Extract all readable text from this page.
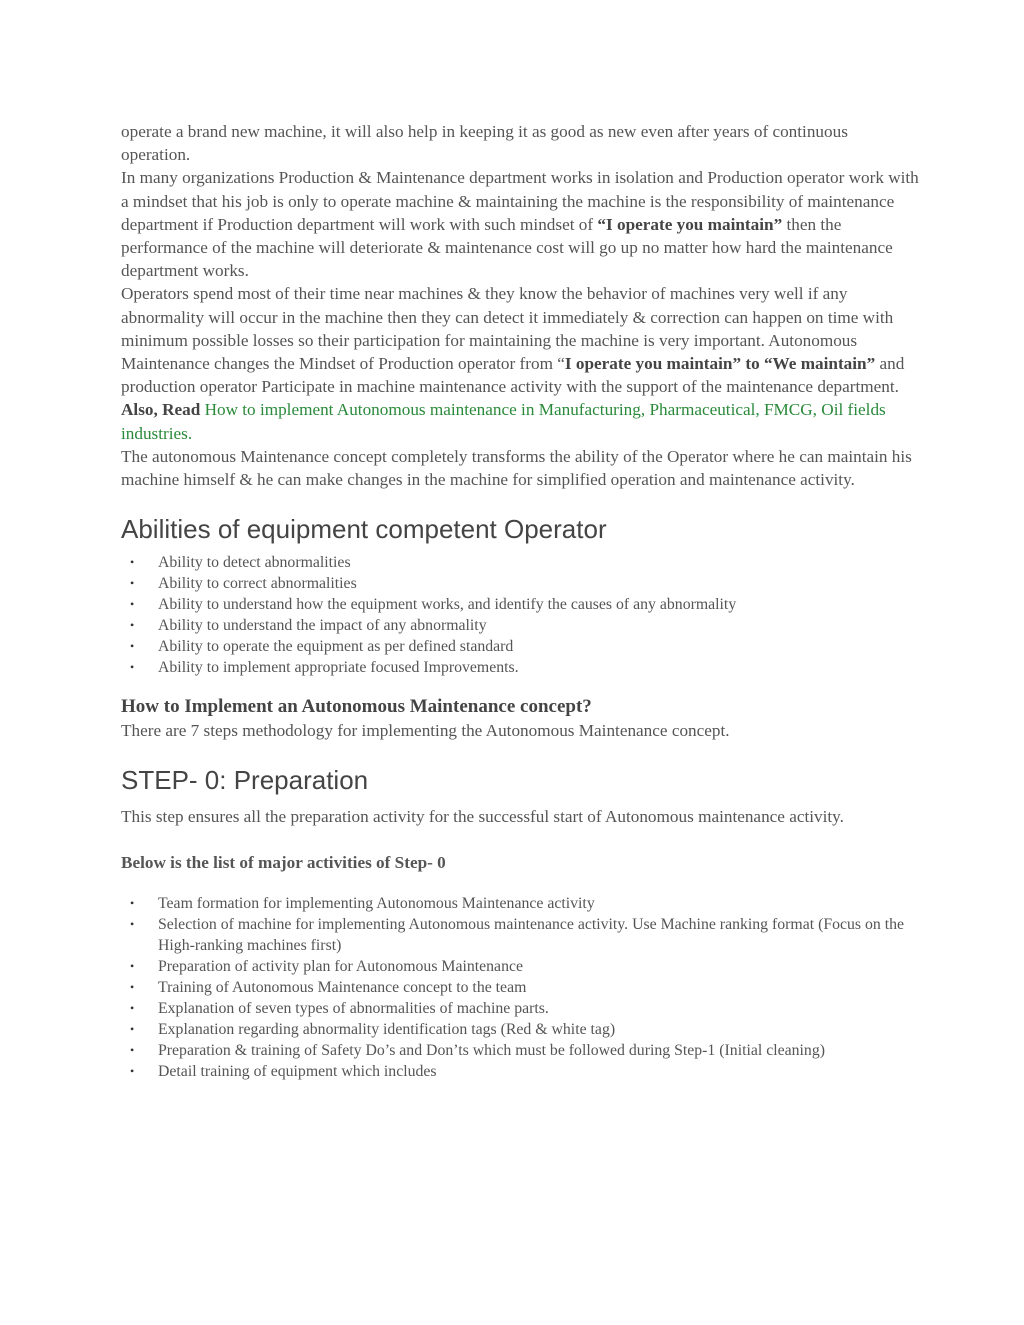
operate a brand new machine, it will also help in keeping it as good as new even after years of continuous operation.

In many organizations Production & Maintenance department works in isolation and Production operator work with a mindset that his job is only to operate machine & maintaining the machine is the responsibility of maintenance department if Production department will work with such mindset of “I operate you maintain” then the performance of the machine will deteriorate & maintenance cost will go up no matter how hard the maintenance department works.

Operators spend most of their time near machines & they know the behavior of machines very well if any abnormality will occur in the machine then they can detect it immediately & correction can happen on time with minimum possible losses so their participation for maintaining the machine is very important. Autonomous Maintenance changes the Mindset of Production operator from “I operate you maintain” to “We maintain” and production operator Participate in machine maintenance activity with the support of the maintenance department.

Also, Read How to implement Autonomous maintenance in Manufacturing, Pharmaceutical, FMCG, Oil fields industries.

The autonomous Maintenance concept completely transforms the ability of the Operator where he can maintain his machine himself & he can make changes in the machine for simplified operation and maintenance activity.

Abilities of equipment competent Operator
• Ability to detect abnormalities
• Ability to correct abnormalities
• Ability to understand how the equipment works, and identify the causes of any abnormality
• Ability to understand the impact of any abnormality
• Ability to operate the equipment as per defined standard
• Ability to implement appropriate focused Improvements.
How to Implement an Autonomous Maintenance concept?

There are 7 steps methodology for implementing the Autonomous Maintenance concept.

STEP- 0: Preparation

This step ensures all the preparation activity for the successful start of Autonomous maintenance activity.

Below is the list of major activities of Step- 0
• Team formation for implementing Autonomous Maintenance activity
• Selection of machine for implementing Autonomous maintenance activity. Use Machine ranking format (Focus on the High-ranking machines first)
• Preparation of activity plan for Autonomous Maintenance
• Training of Autonomous Maintenance concept to the team
• Explanation of seven types of abnormalities of machine parts.
• Explanation regarding abnormality identification tags (Red & white tag)
• Preparation & training of Safety Do’s and Don’ts which must be followed during Step-1 (Initial cleaning)
• Detail training of equipment which includes
